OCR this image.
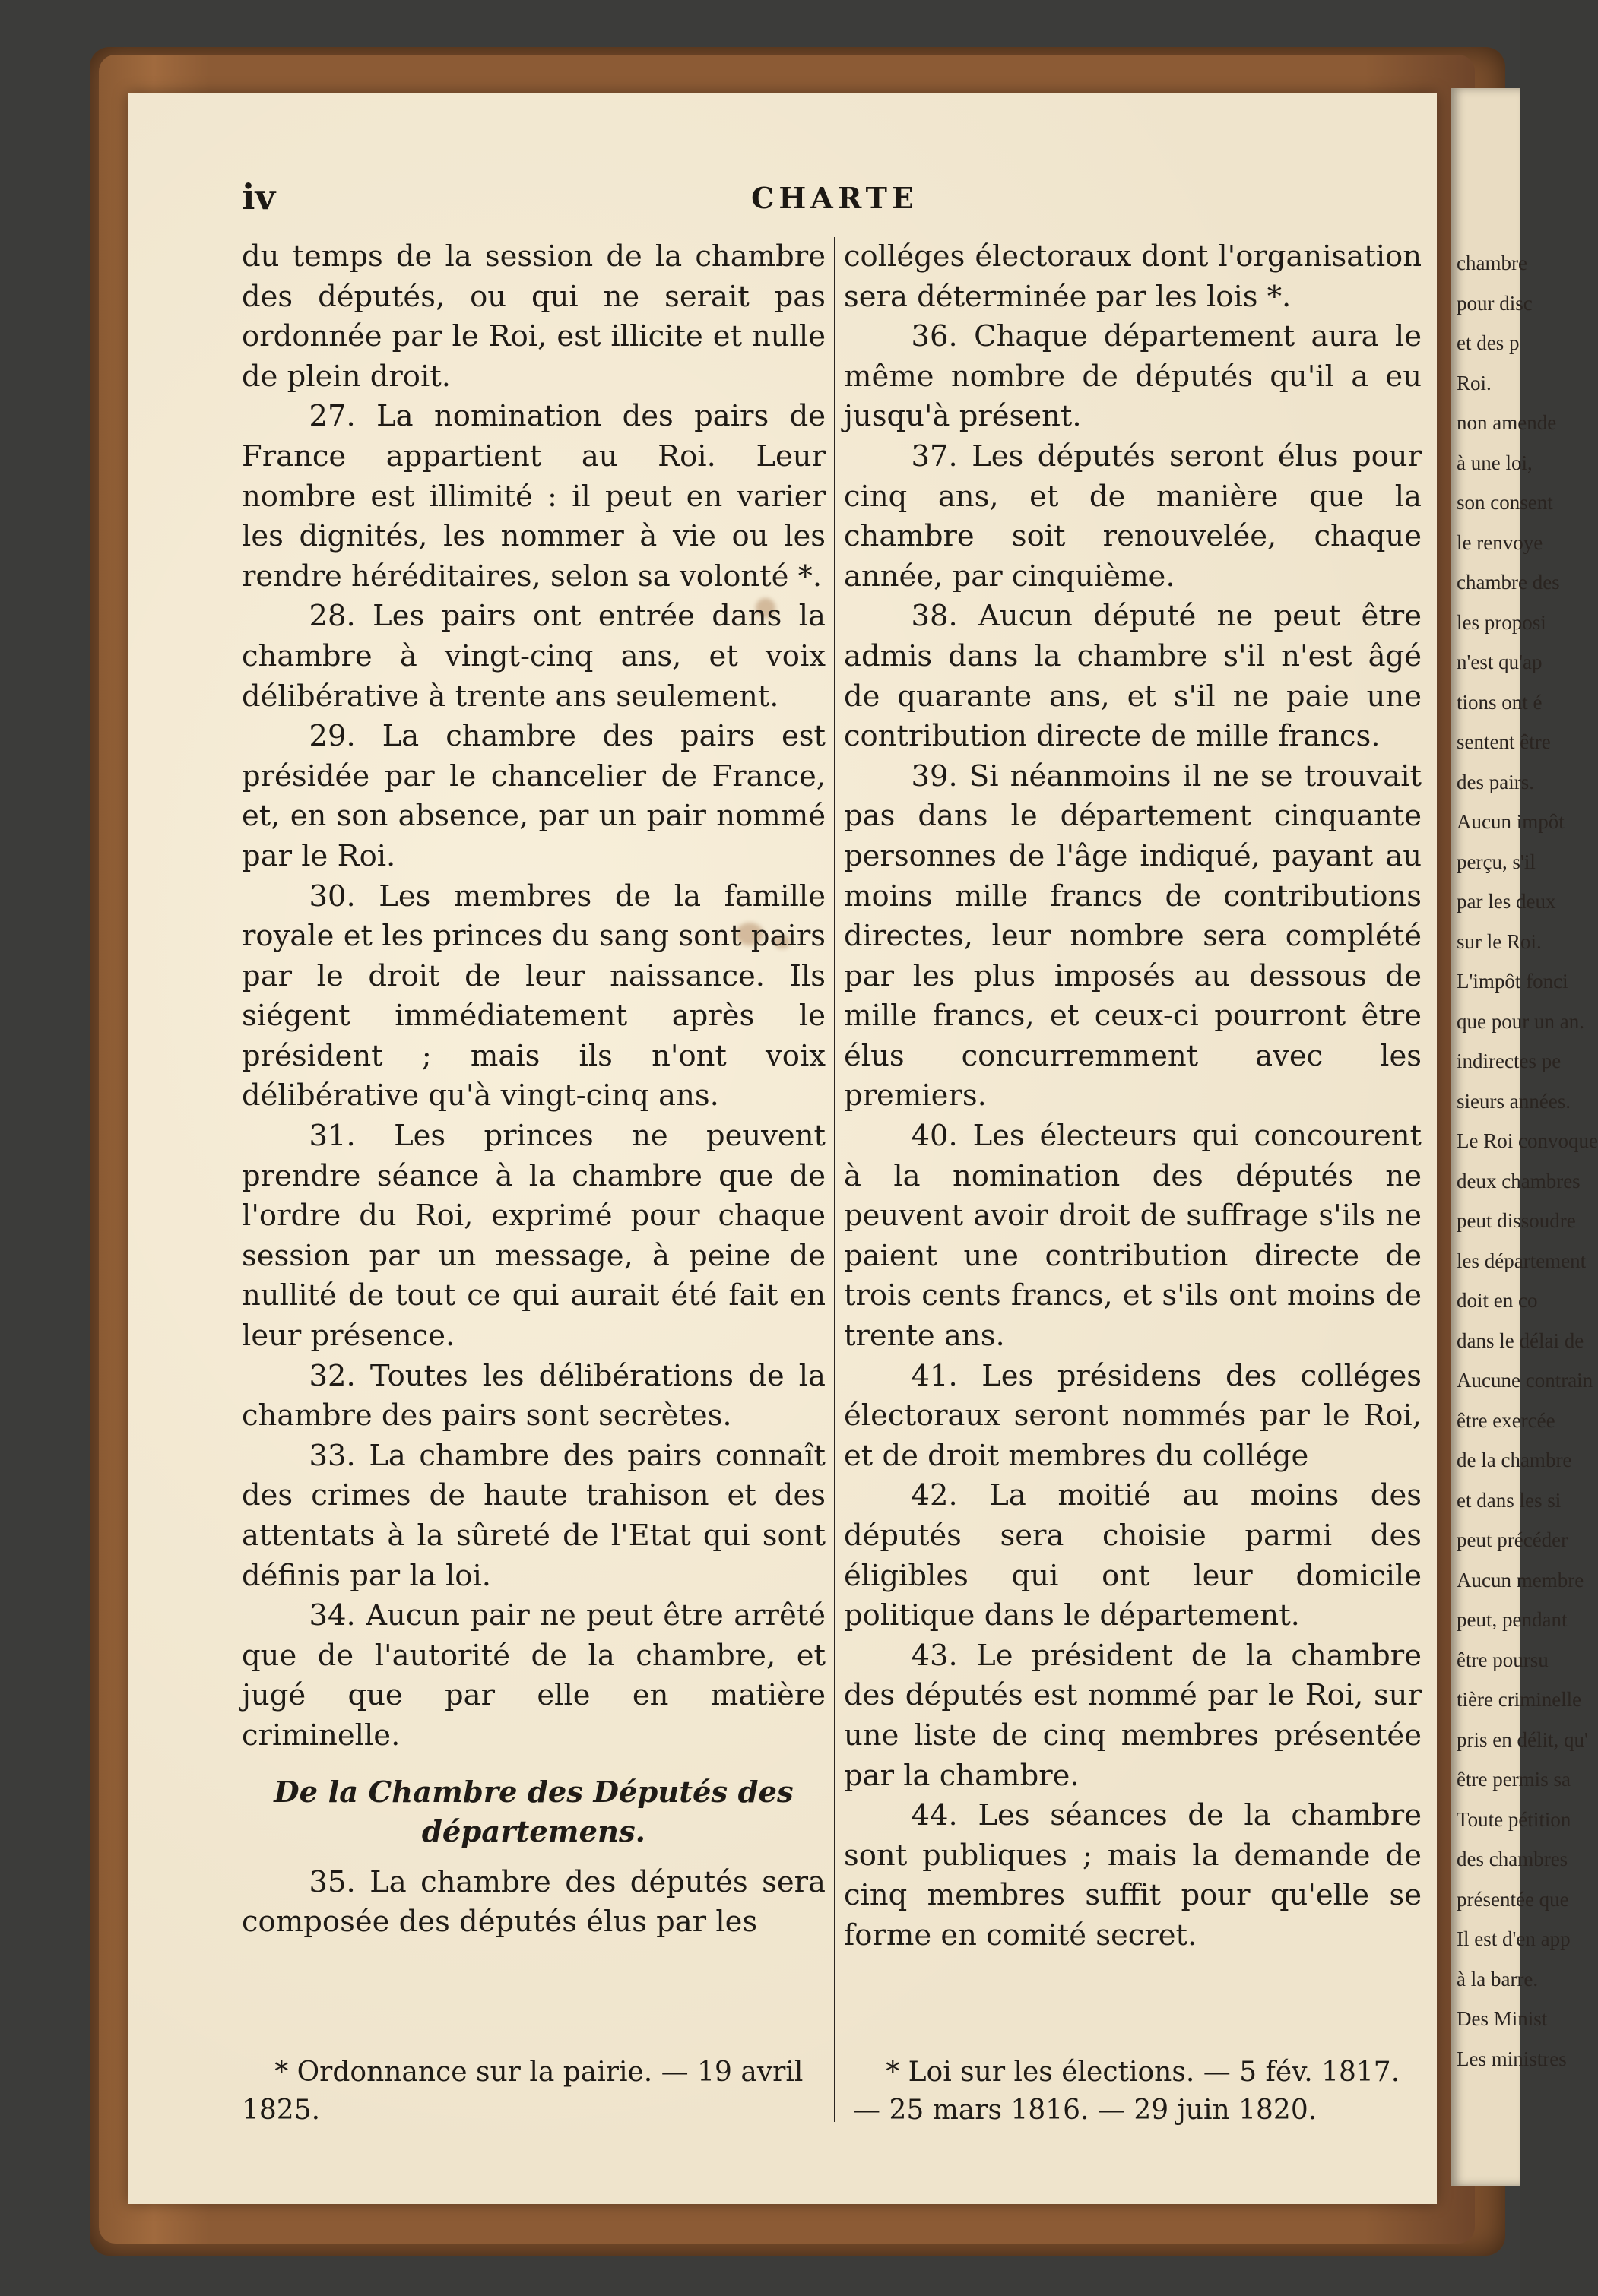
chambre
pour disc
et des p
Roi.
non amende
à une loi,
son consent
le renvoye
chambre des
les proposi
n'est qu'ap
tions ont é
sentent être
des pairs.
Aucun impôt
perçu, s'il
par les deux
sur le Roi.
L'impôt fonci
que pour un an.
indirectes pe
sieurs années.
Le Roi convoque
deux chambres
peut dissoudre
les département
doit en co
dans le délai de
Aucune contrain
être exercée
de la chambre
et dans les si
peut précéder
Aucun membre
peut, pendant
être poursu
tière criminelle
pris en délit, qu'
être permis sa
Toute pétition
des chambres
présentée que
Il est d'en app
à la barre.
Des Minist
Les ministres
iv	CHARTE

du temps de la session de la chambre des députés, ou qui ne serait pas ordonnée par le Roi, est illicite et nulle de plein droit.

27. La nomination des pairs de France appartient au Roi. Leur nombre est illimité : il peut en varier les dignités, les nommer à vie ou les rendre héréditaires, selon sa volonté *.

28. Les pairs ont entrée dans la chambre à vingt-cinq ans, et voix délibérative à trente ans seulement.

29. La chambre des pairs est présidée par le chancelier de France, et, en son absence, par un pair nommé par le Roi.

30. Les membres de la famille royale et les princes du sang sont pairs par le droit de leur naissance. Ils siégent immédiatement après le président ; mais ils n'ont voix délibérative qu'à vingt-cinq ans.

31. Les princes ne peuvent prendre séance à la chambre que de l'ordre du Roi, exprimé pour chaque session par un message, à peine de nullité de tout ce qui aurait été fait en leur présence.

32. Toutes les délibérations de la chambre des pairs sont secrètes.

33. La chambre des pairs connaît des crimes de haute trahison et des attentats à la sûreté de l'Etat qui sont définis par la loi.

34. Aucun pair ne peut être arrêté que de l'autorité de la chambre, et jugé que par elle en matière criminelle.

De la Chambre des Députés des départemens.

35. La chambre des députés sera composée des députés élus par les

colléges électoraux dont l'organisation sera déterminée par les lois *.

36. Chaque département aura le même nombre de députés qu'il a eu jusqu'à présent.

37. Les députés seront élus pour cinq ans, et de manière que la chambre soit renouvelée, chaque année, par cinquième.

38. Aucun député ne peut être admis dans la chambre s'il n'est âgé de quarante ans, et s'il ne paie une contribution directe de mille francs.

39. Si néanmoins il ne se trouvait pas dans le département cinquante personnes de l'âge indiqué, payant au moins mille francs de contributions directes, leur nombre sera complété par les plus imposés au dessous de mille francs, et ceux-ci pourront être élus concurremment avec les premiers.

40. Les électeurs qui concourent à la nomination des députés ne peuvent avoir droit de suffrage s'ils ne paient une contribution directe de trois cents francs, et s'ils ont moins de trente ans.

41. Les présidens des colléges électoraux seront nommés par le Roi, et de droit membres du collége

42. La moitié au moins des députés sera choisie parmi des éligibles qui ont leur domicile politique dans le département.

43. Le président de la chambre des députés est nommé par le Roi, sur une liste de cinq membres présentée par la chambre.

44. Les séances de la chambre sont publiques ; mais la demande de cinq membres suffit pour qu'elle se forme en comité secret.

* Ordonnance sur la pairie. — 19 avril 1825.
* Loi sur les élections. — 5 fév. 1817. — 25 mars 1816. — 29 juin 1820.
